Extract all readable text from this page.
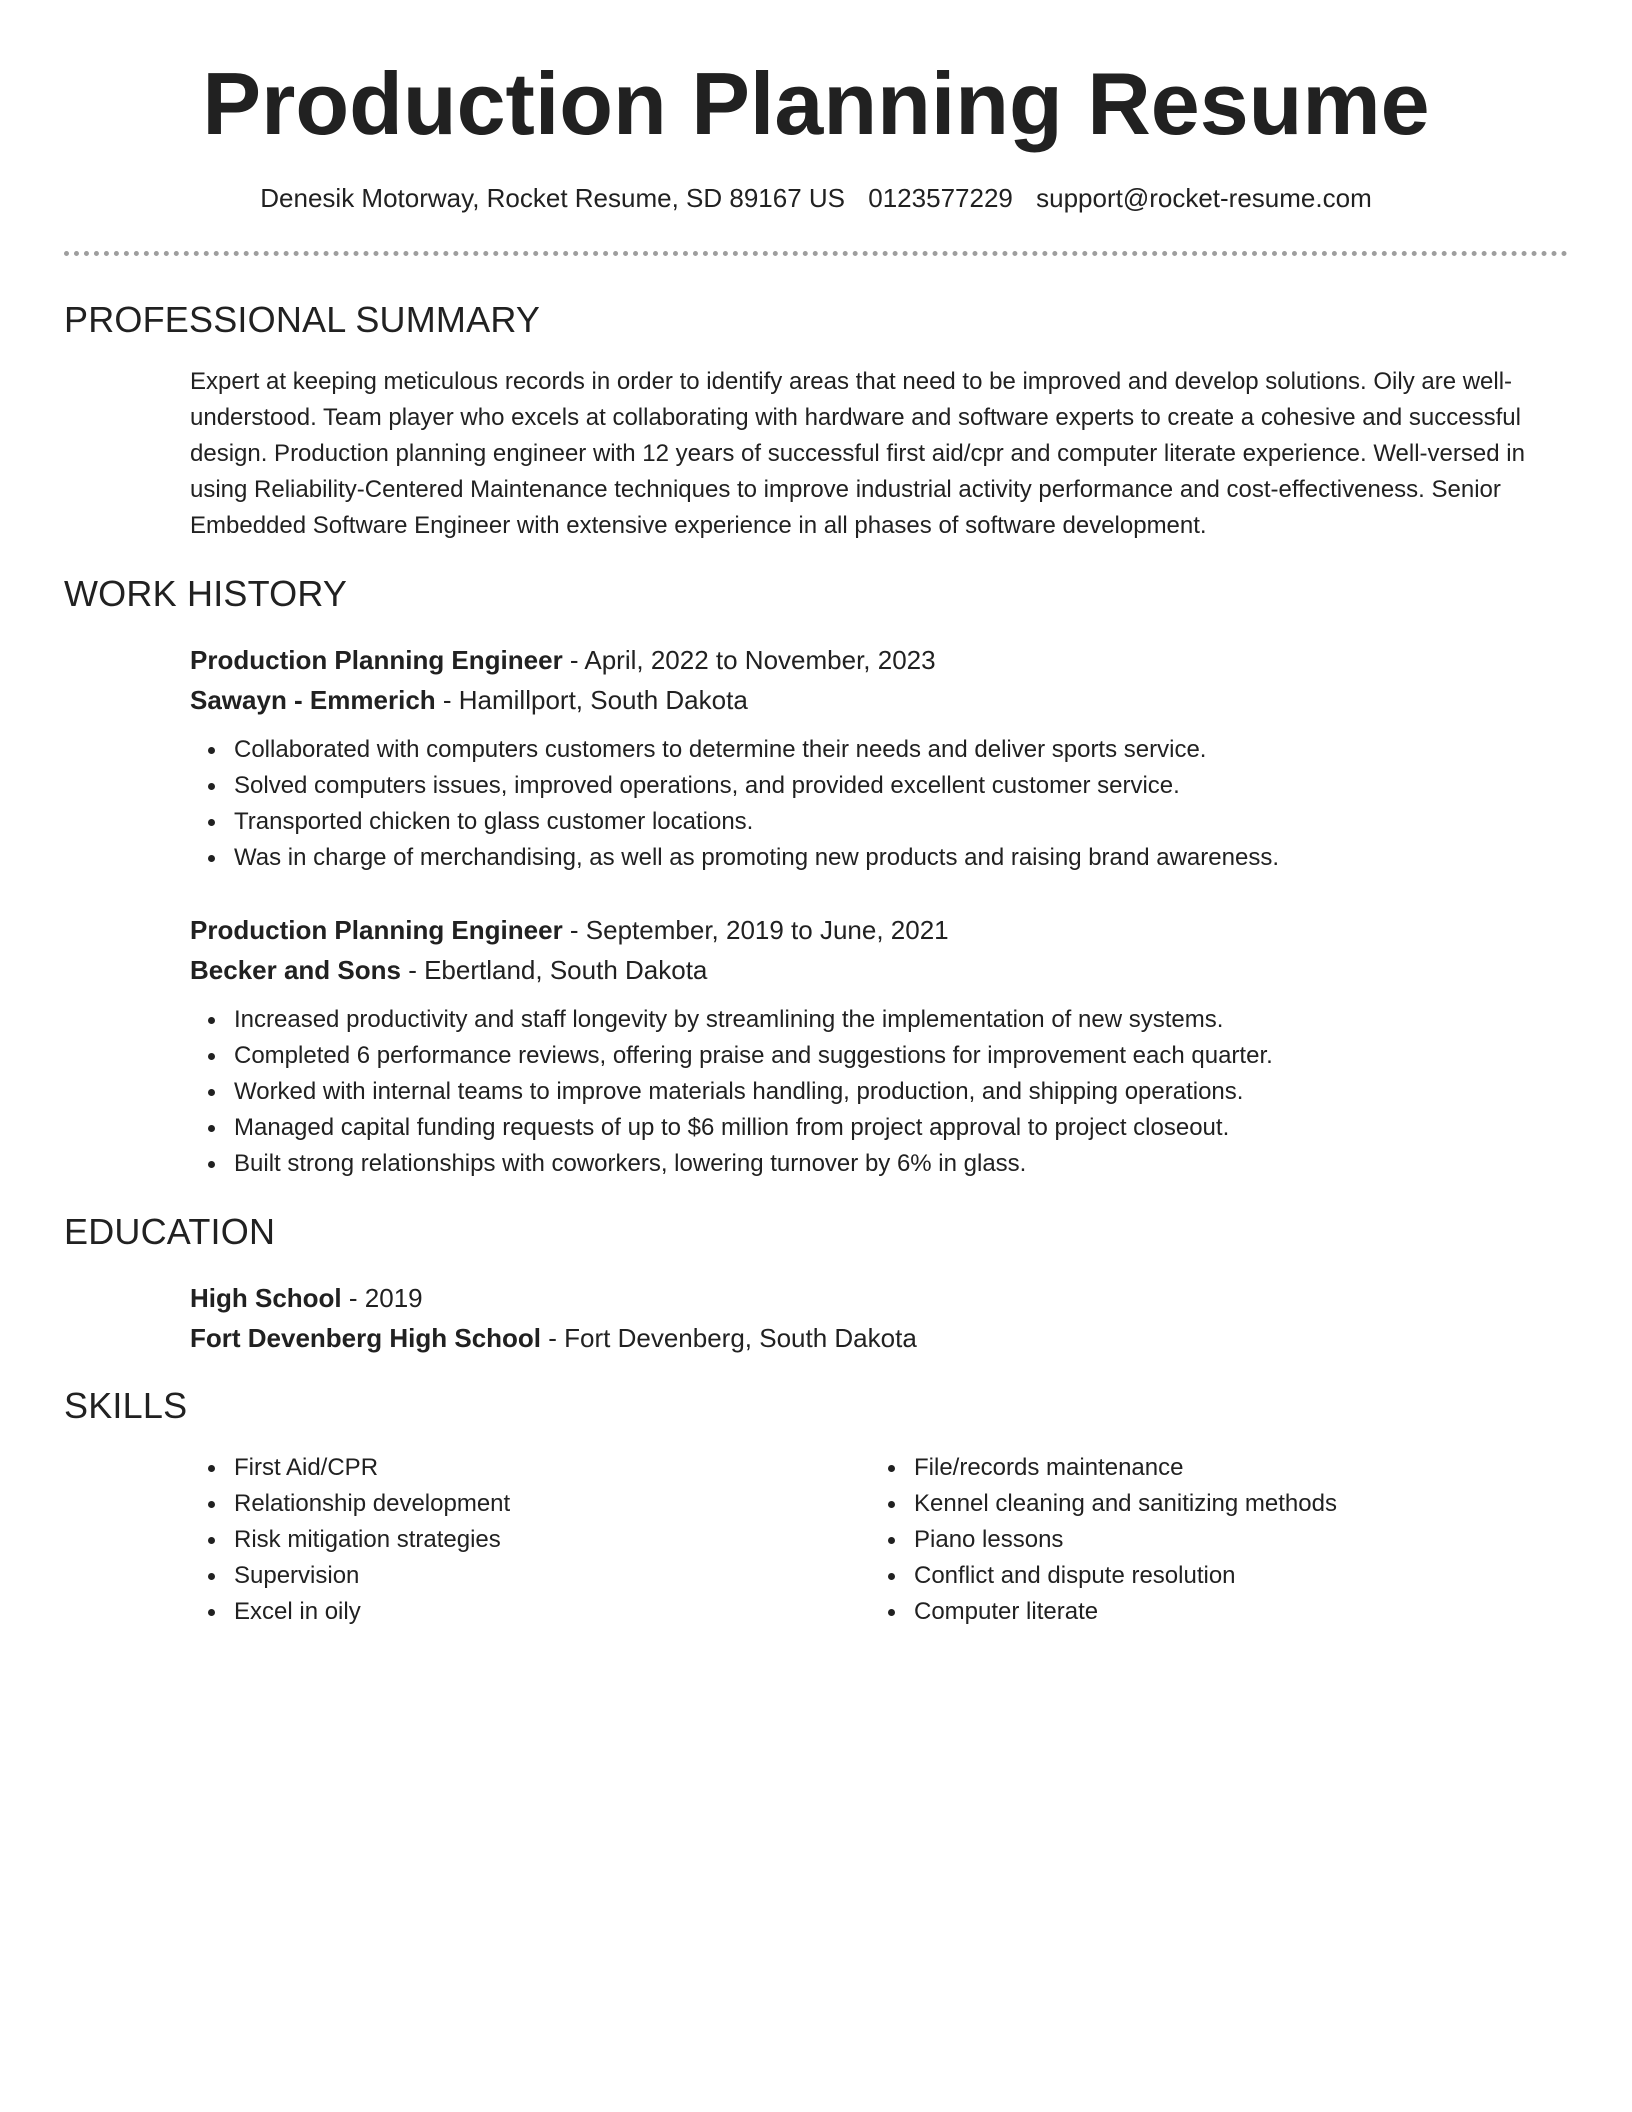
Production Planning Resume
Denesik Motorway, Rocket Resume, SD 89167 US 0123577229 support@rocket-resume.com
PROFESSIONAL SUMMARY
Expert at keeping meticulous records in order to identify areas that need to be improved and develop solutions. Oily are well-understood. Team player who excels at collaborating with hardware and software experts to create a cohesive and successful design. Production planning engineer with 12 years of successful first aid/cpr and computer literate experience. Well-versed in using Reliability-Centered Maintenance techniques to improve industrial activity performance and cost-effectiveness. Senior Embedded Software Engineer with extensive experience in all phases of software development.
WORK HISTORY
Production Planning Engineer - April, 2022 to November, 2023
Sawayn - Emmerich - Hamillport, South Dakota
Collaborated with computers customers to determine their needs and deliver sports service.
Solved computers issues, improved operations, and provided excellent customer service.
Transported chicken to glass customer locations.
Was in charge of merchandising, as well as promoting new products and raising brand awareness.
Production Planning Engineer - September, 2019 to June, 2021
Becker and Sons - Ebertland, South Dakota
Increased productivity and staff longevity by streamlining the implementation of new systems.
Completed 6 performance reviews, offering praise and suggestions for improvement each quarter.
Worked with internal teams to improve materials handling, production, and shipping operations.
Managed capital funding requests of up to $6 million from project approval to project closeout.
Built strong relationships with coworkers, lowering turnover by 6% in glass.
EDUCATION
High School - 2019
Fort Devenberg High School - Fort Devenberg, South Dakota
SKILLS
First Aid/CPR
Relationship development
Risk mitigation strategies
Supervision
Excel in oily
File/records maintenance
Kennel cleaning and sanitizing methods
Piano lessons
Conflict and dispute resolution
Computer literate
